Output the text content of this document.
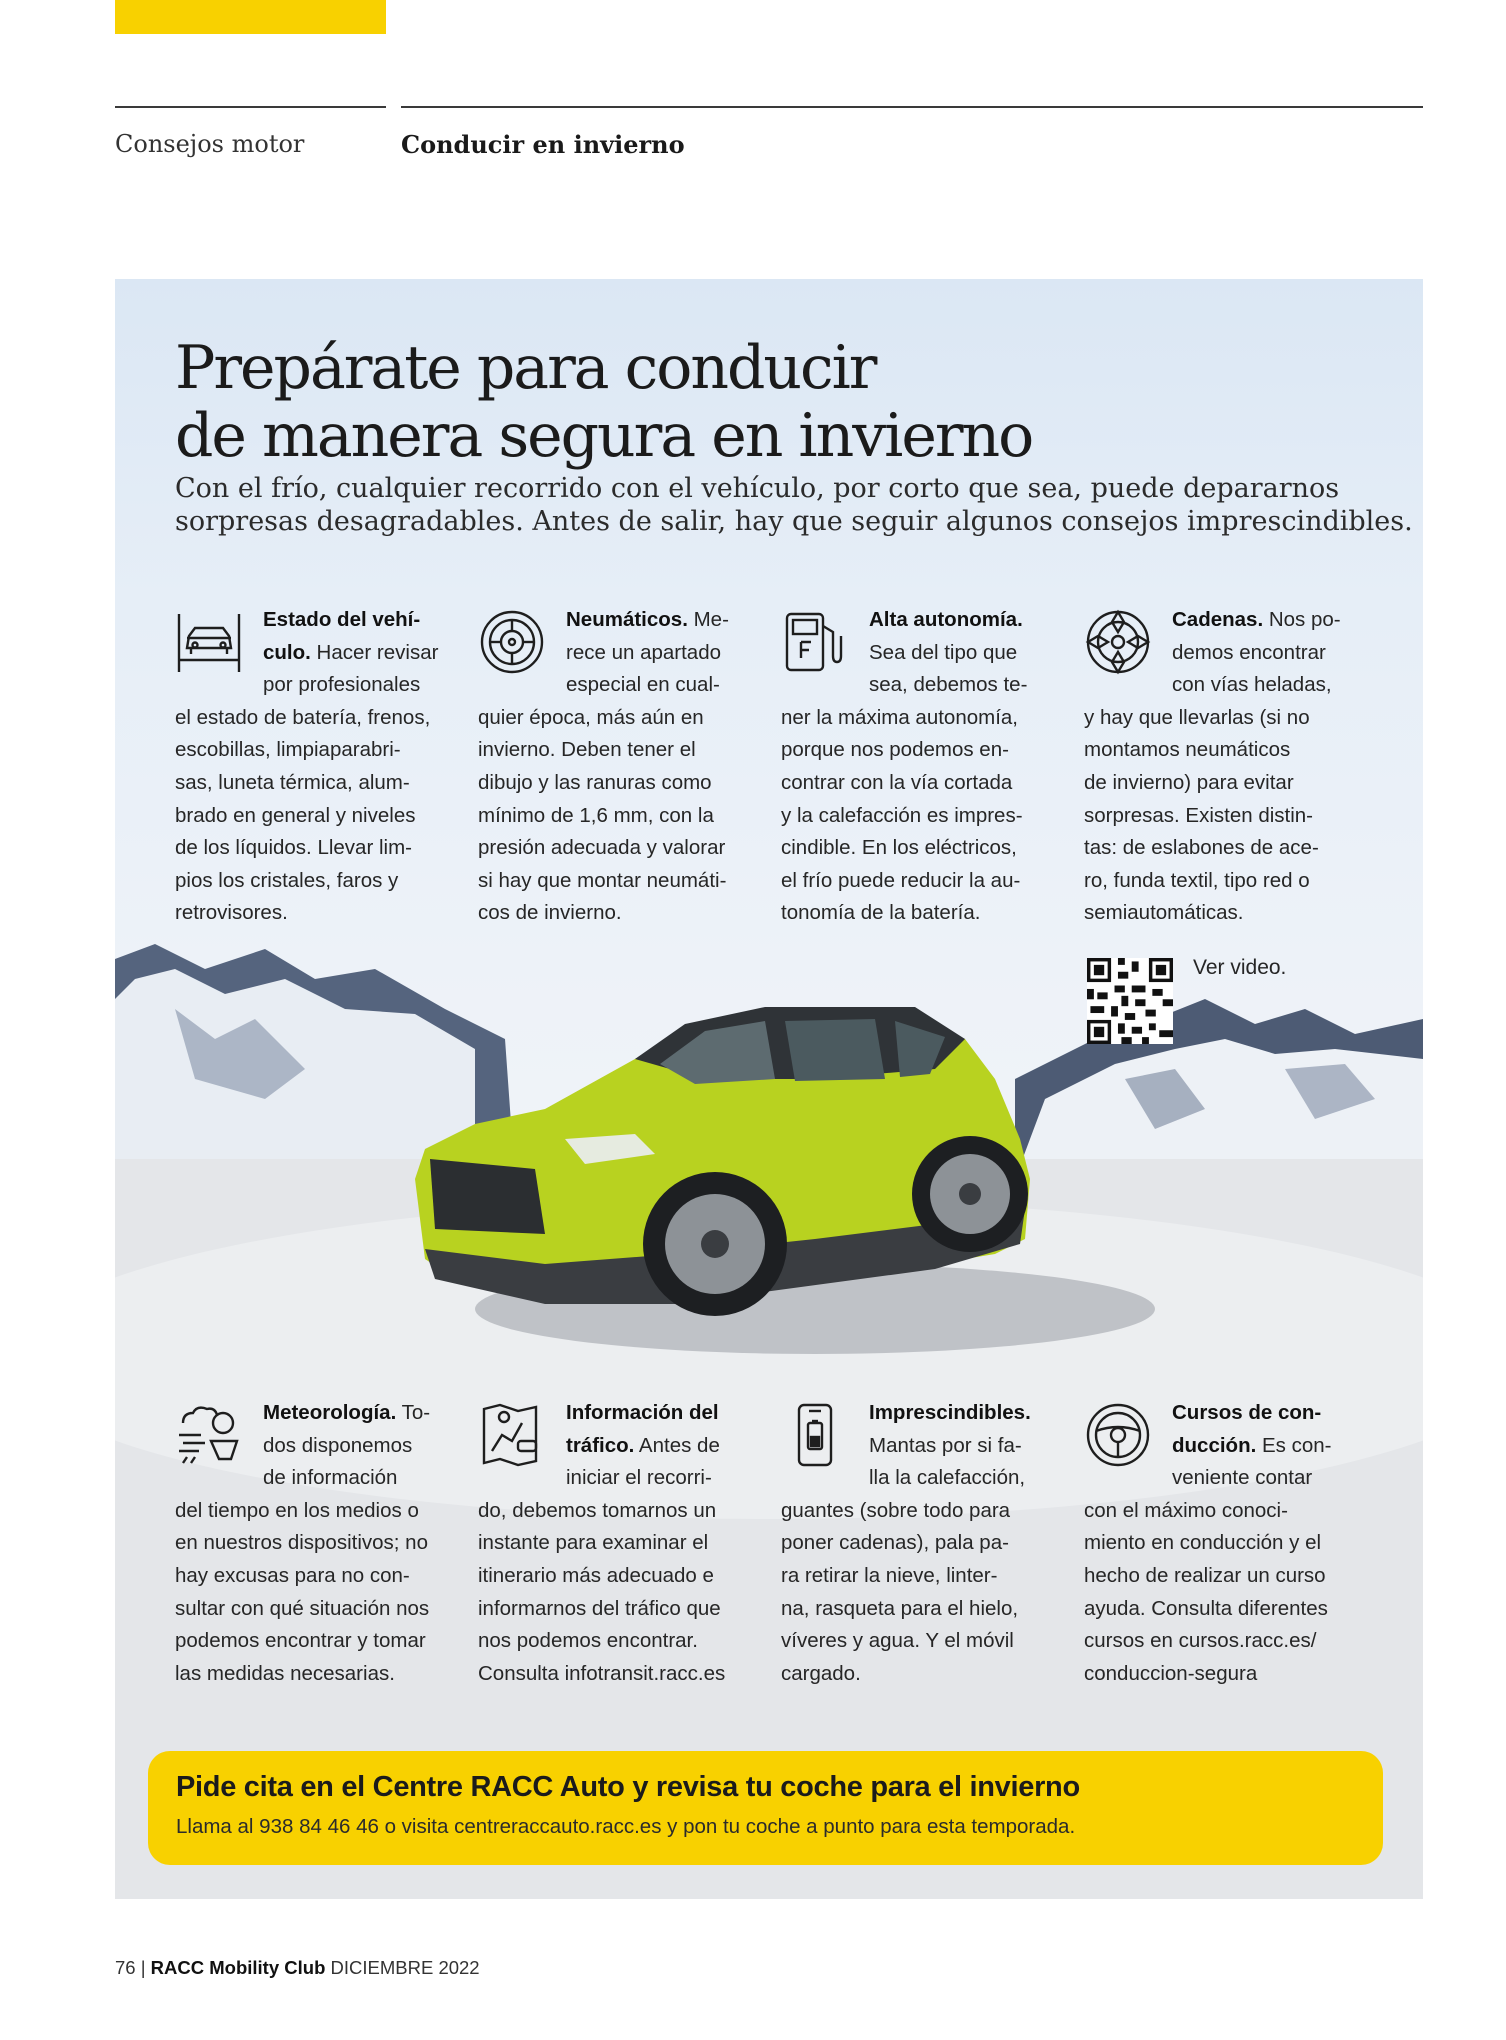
Consejos motor	Conducir en invierno
Prepárate para conducir
de manera segura en invierno

Con el frío, cualquier recorrido con el vehículo, por corto que sea, puede depararnos
sorpresas desagradables. Antes de salir, hay que seguir algunos consejos imprescindibles.

Estado del vehí-
culo. Hacer revisar
por profesionales
el estado de batería, frenos,
escobillas, limpiaparabri-
sas, luneta térmica, alum-
brado en general y niveles
de los líquidos. Llevar lim-
pios los cristales, faros y
retrovisores.
Neumáticos. Me-
rece un apartado
especial en cual-
quier época, más aún en
invierno. Deben tener el
dibujo y las ranuras como
mínimo de 1,6 mm, con la
presión adecuada y valorar
si hay que montar neumáti-
cos de invierno.
Alta autonomía.
Sea del tipo que
sea, debemos te-
ner la máxima autonomía,
porque nos podemos en-
contrar con la vía cortada
y la calefacción es impres-
cindible. En los eléctricos,
el frío puede reducir la au-
tonomía de la batería.
Cadenas. Nos po-
demos encontrar
con vías heladas,
y hay que llevarlas (si no
montamos neumáticos
de invierno) para evitar
sorpresas. Existen distin-
tas: de eslabones de ace-
ro, funda textil, tipo red o
semiautomáticas.
Ver video.
Meteorología. To-
dos disponemos
de información
del tiempo en los medios o
en nuestros dispositivos; no
hay excusas para no con-
sultar con qué situación nos
podemos encontrar y tomar
las medidas necesarias.
Información del
tráfico. Antes de
iniciar el recorri-
do, debemos tomarnos un
instante para examinar el
itinerario más adecuado e
informarnos del tráfico que
nos podemos encontrar.
Consulta infotransit.racc.es
Imprescindibles.
Mantas por si fa-
lla la calefacción,
guantes (sobre todo para
poner cadenas), pala pa-
ra retirar la nieve, linter-
na, rasqueta para el hielo,
víveres y agua. Y el móvil
cargado.
Cursos de con-
ducción. Es con-
veniente contar
con el máximo conoci-
miento en conducción y el
hecho de realizar un curso
ayuda. Consulta diferentes
cursos en cursos.racc.es/
conduccion-segura
Pide cita en el Centre RACC Auto y revisa tu coche para el invierno
Llama al 938 84 46 46 o visita centreraccauto.racc.es y pon tu coche a punto para esta temporada.
76 | RACC Mobility Club DICIEMBRE 2022
